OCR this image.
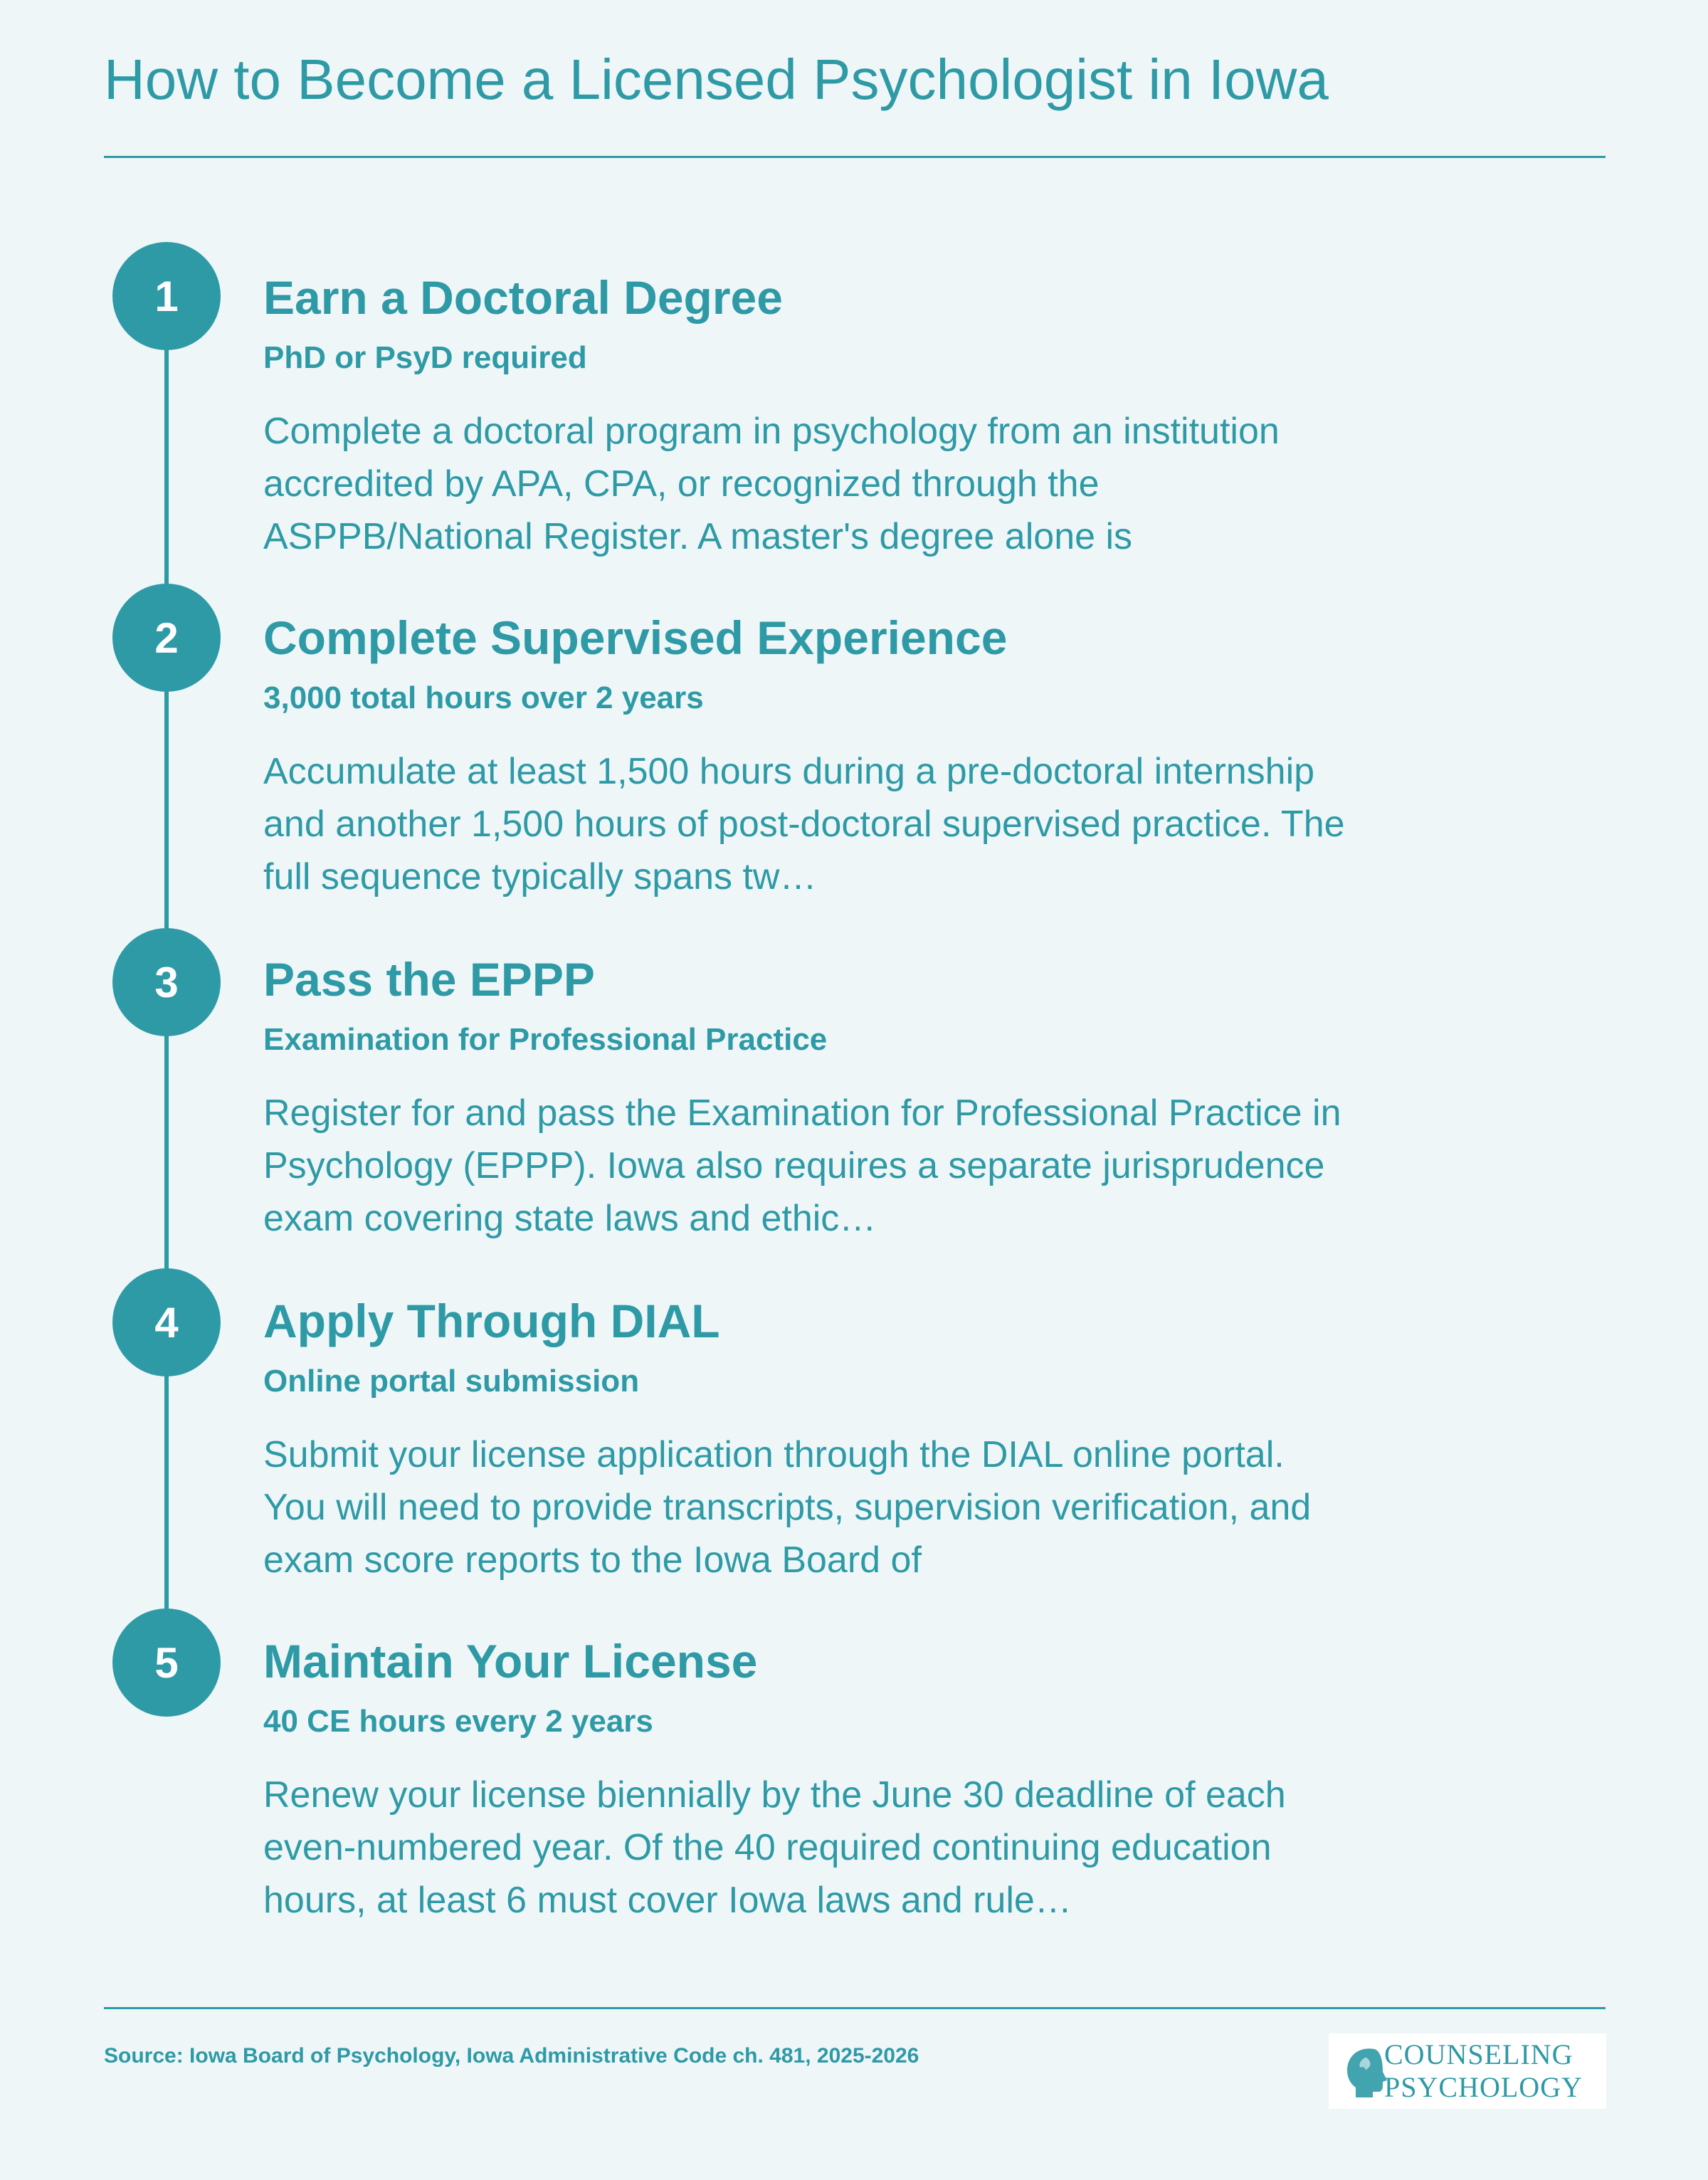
How to Become a Licensed Psychologist in Iowa
1	Earn a Doctoral Degree
PhD or PsyD required
Complete a doctoral program in psychology from an institution accredited by APA, CPA, or recognized through the ASPPB/National Register. A master's degree alone is
2	Complete Supervised Experience
3,000 total hours over 2 years
Accumulate at least 1,500 hours during a pre-doctoral internship and another 1,500 hours of post-doctoral supervised practice. The full sequence typically spans tw…
3	Pass the EPPP
Examination for Professional Practice
Register for and pass the Examination for Professional Practice in Psychology (EPPP). Iowa also requires a separate jurisprudence exam covering state laws and ethic…
4	Apply Through DIAL
Online portal submission
Submit your license application through the DIAL online portal. You will need to provide transcripts, supervision verification, and exam score reports to the Iowa Board of
5	Maintain Your License
40 CE hours every 2 years
Renew your license biennially by the June 30 deadline of each even-numbered year. Of the 40 required continuing education hours, at least 6 must cover Iowa laws and rule…
Source: Iowa Board of Psychology, Iowa Administrative Code ch. 481, 2025-2026	COUNSELING
PSYCHOLOGY
